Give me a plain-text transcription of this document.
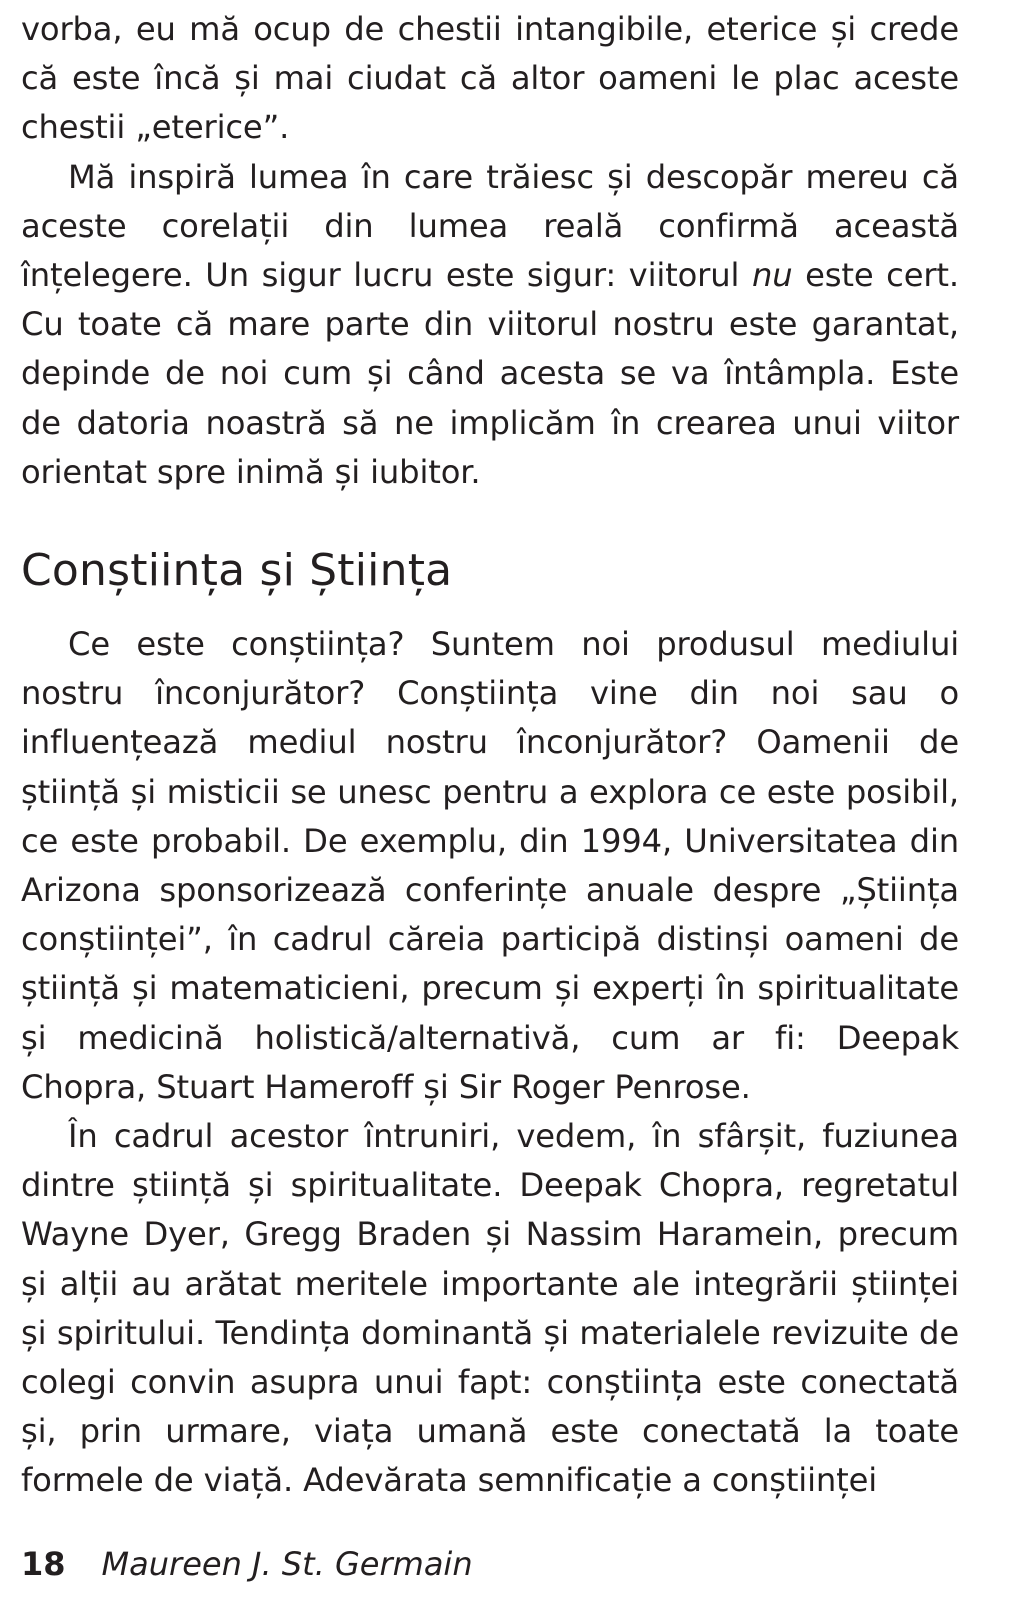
vorba, eu mă ocup de chestii intangibile, eterice și crede că este încă și mai ciudat că altor oameni le plac aceste chestii „eterice”.

Mă inspiră lumea în care trăiesc și descopăr mereu că aceste corelații din lumea reală confirmă această înțelegere. Un sigur lucru este sigur: viitorul nu este cert. Cu toate că mare parte din viitorul nostru este garantat, depinde de noi cum și când acesta se va întâmpla. Este de datoria noastră să ne implicăm în crearea unui viitor orientat spre inimă și iubitor.

Conștiința și Știința

Ce este conștiința? Suntem noi produsul mediului nostru înconjurător? Conștiința vine din noi sau o influențează mediul nostru înconjurător? Oamenii de știință și misticii se unesc pentru a explora ce este posibil, ce este probabil. De exemplu, din 1994, Universitatea din Arizona sponsorizează conferințe anuale despre „Știința conștiinței”, în cadrul căreia participă distinși oameni de știință și matematicieni, precum și experți în spiritualitate și medicină holistică/alternativă, cum ar fi: Deepak Chopra, Stuart Hameroff și Sir Roger Penrose.

În cadrul acestor întruniri, vedem, în sfârșit, fuziunea dintre știință și spiritualitate. Deepak Chopra, regretatul Wayne Dyer, Gregg Braden și Nassim Haramein, precum și alții au arătat meritele importante ale integrării științei și spiritului. Tendința dominantă și materialele revizuite de colegi convin asupra unui fapt: conștiința este conectată și, prin urmare, viața umană este conectată la toate formele de viață. Adevărata semnificație a conștiinței

18 Maureen J. St. Germain
